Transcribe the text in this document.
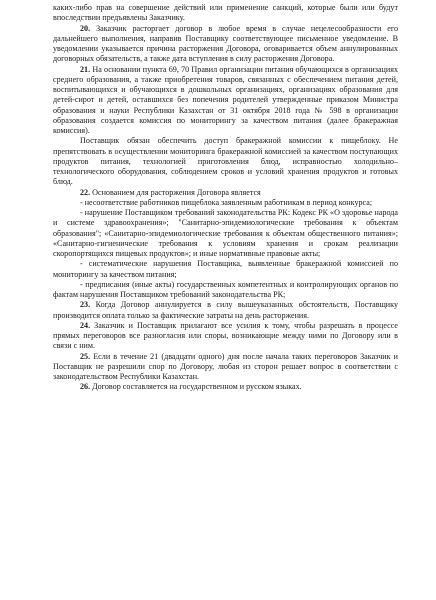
каких-либо прав на совершение действий или применение санкций, которые были или будут впоследствии предъявлены Заказчику.

20. Заказчик расторгает договор в любое время в случае нецелесообразности его дальнейшего выполнения, направив Поставщику соответствующее письменное уведомление. В уведомлении указывается причина расторжения Договора, оговаривается объем аннулированных договорных обязательств, а также дата вступления в силу расторжения Договора.

21. На основании пункта 69, 70 Правил организации питания обучающихся в организациях среднего образования, а также приобретения товаров, связанных с обеспечением питания детей, воспитывающихся и обучающихся в дошкольных организациях, организациях образования для детей-сирот и детей, оставшихся без попечения родителей утвержденные приказом Министра образования и науки Республики Казахстан от 31 октября 2018 года № 598 в организации образования создается комиссия по мониторингу за качеством питания (далее бракеражная комиссия).

Поставщик обязан обеспечить доступ бракеражной комиссии к пищеблоку. Не препятствовать в осуществлении мониторинга бракеражной комиссией за качеством поступающих продуктов питания, технологией приготовления блюд, исправностью холодильно–технологического оборудования, соблюдением сроков и условий хранения продуктов и готовых блюд.

22. Основанием для расторжения Договора является

- несоответствие работников пищеблока заявленным работникам в период конкурса;

- нарушение Поставщиком требований законодательства РК: Кодекс РК «О здоровье народа и системе здравоохранения»; "Санитарно-эпидемиологические требования к объектам образования"; «Санитарно-эпидемиологические требования к объектам общественного питания»; «Санитарно-гигиенические требования к условиям хранения и срокам реализации скоропортящихся пищевых продуктов»; и иные нормативные правовые акты;

- систематические нарушения Поставщика, выявленные бракеражной комиссией по мониторингу за качеством питания;

- предписания (иные акты) государственных компетентных и контролирующих органов по фактам нарушения Поставщиком требований законодательства РК;

23. Когда Договор аннулируется в силу вышеуказанных обстоятельств, Поставщику производится оплата только за фактические затраты на день расторжения.

24. Заказчик и Поставщик прилагают все усилия к тому, чтобы разрешать в процессе прямых переговоров все разногласия или споры, возникающие между ними по Договору или в связи с ним.

25. Если в течение 21 (двадцати одного) дня после начала таких переговоров Заказчик и Поставщик не разрешили спор по Договору, любая из сторон решает вопрос в соответствии с законодательством Республики Казахстан.

26. Договор составляется на государственном и русском языках.
